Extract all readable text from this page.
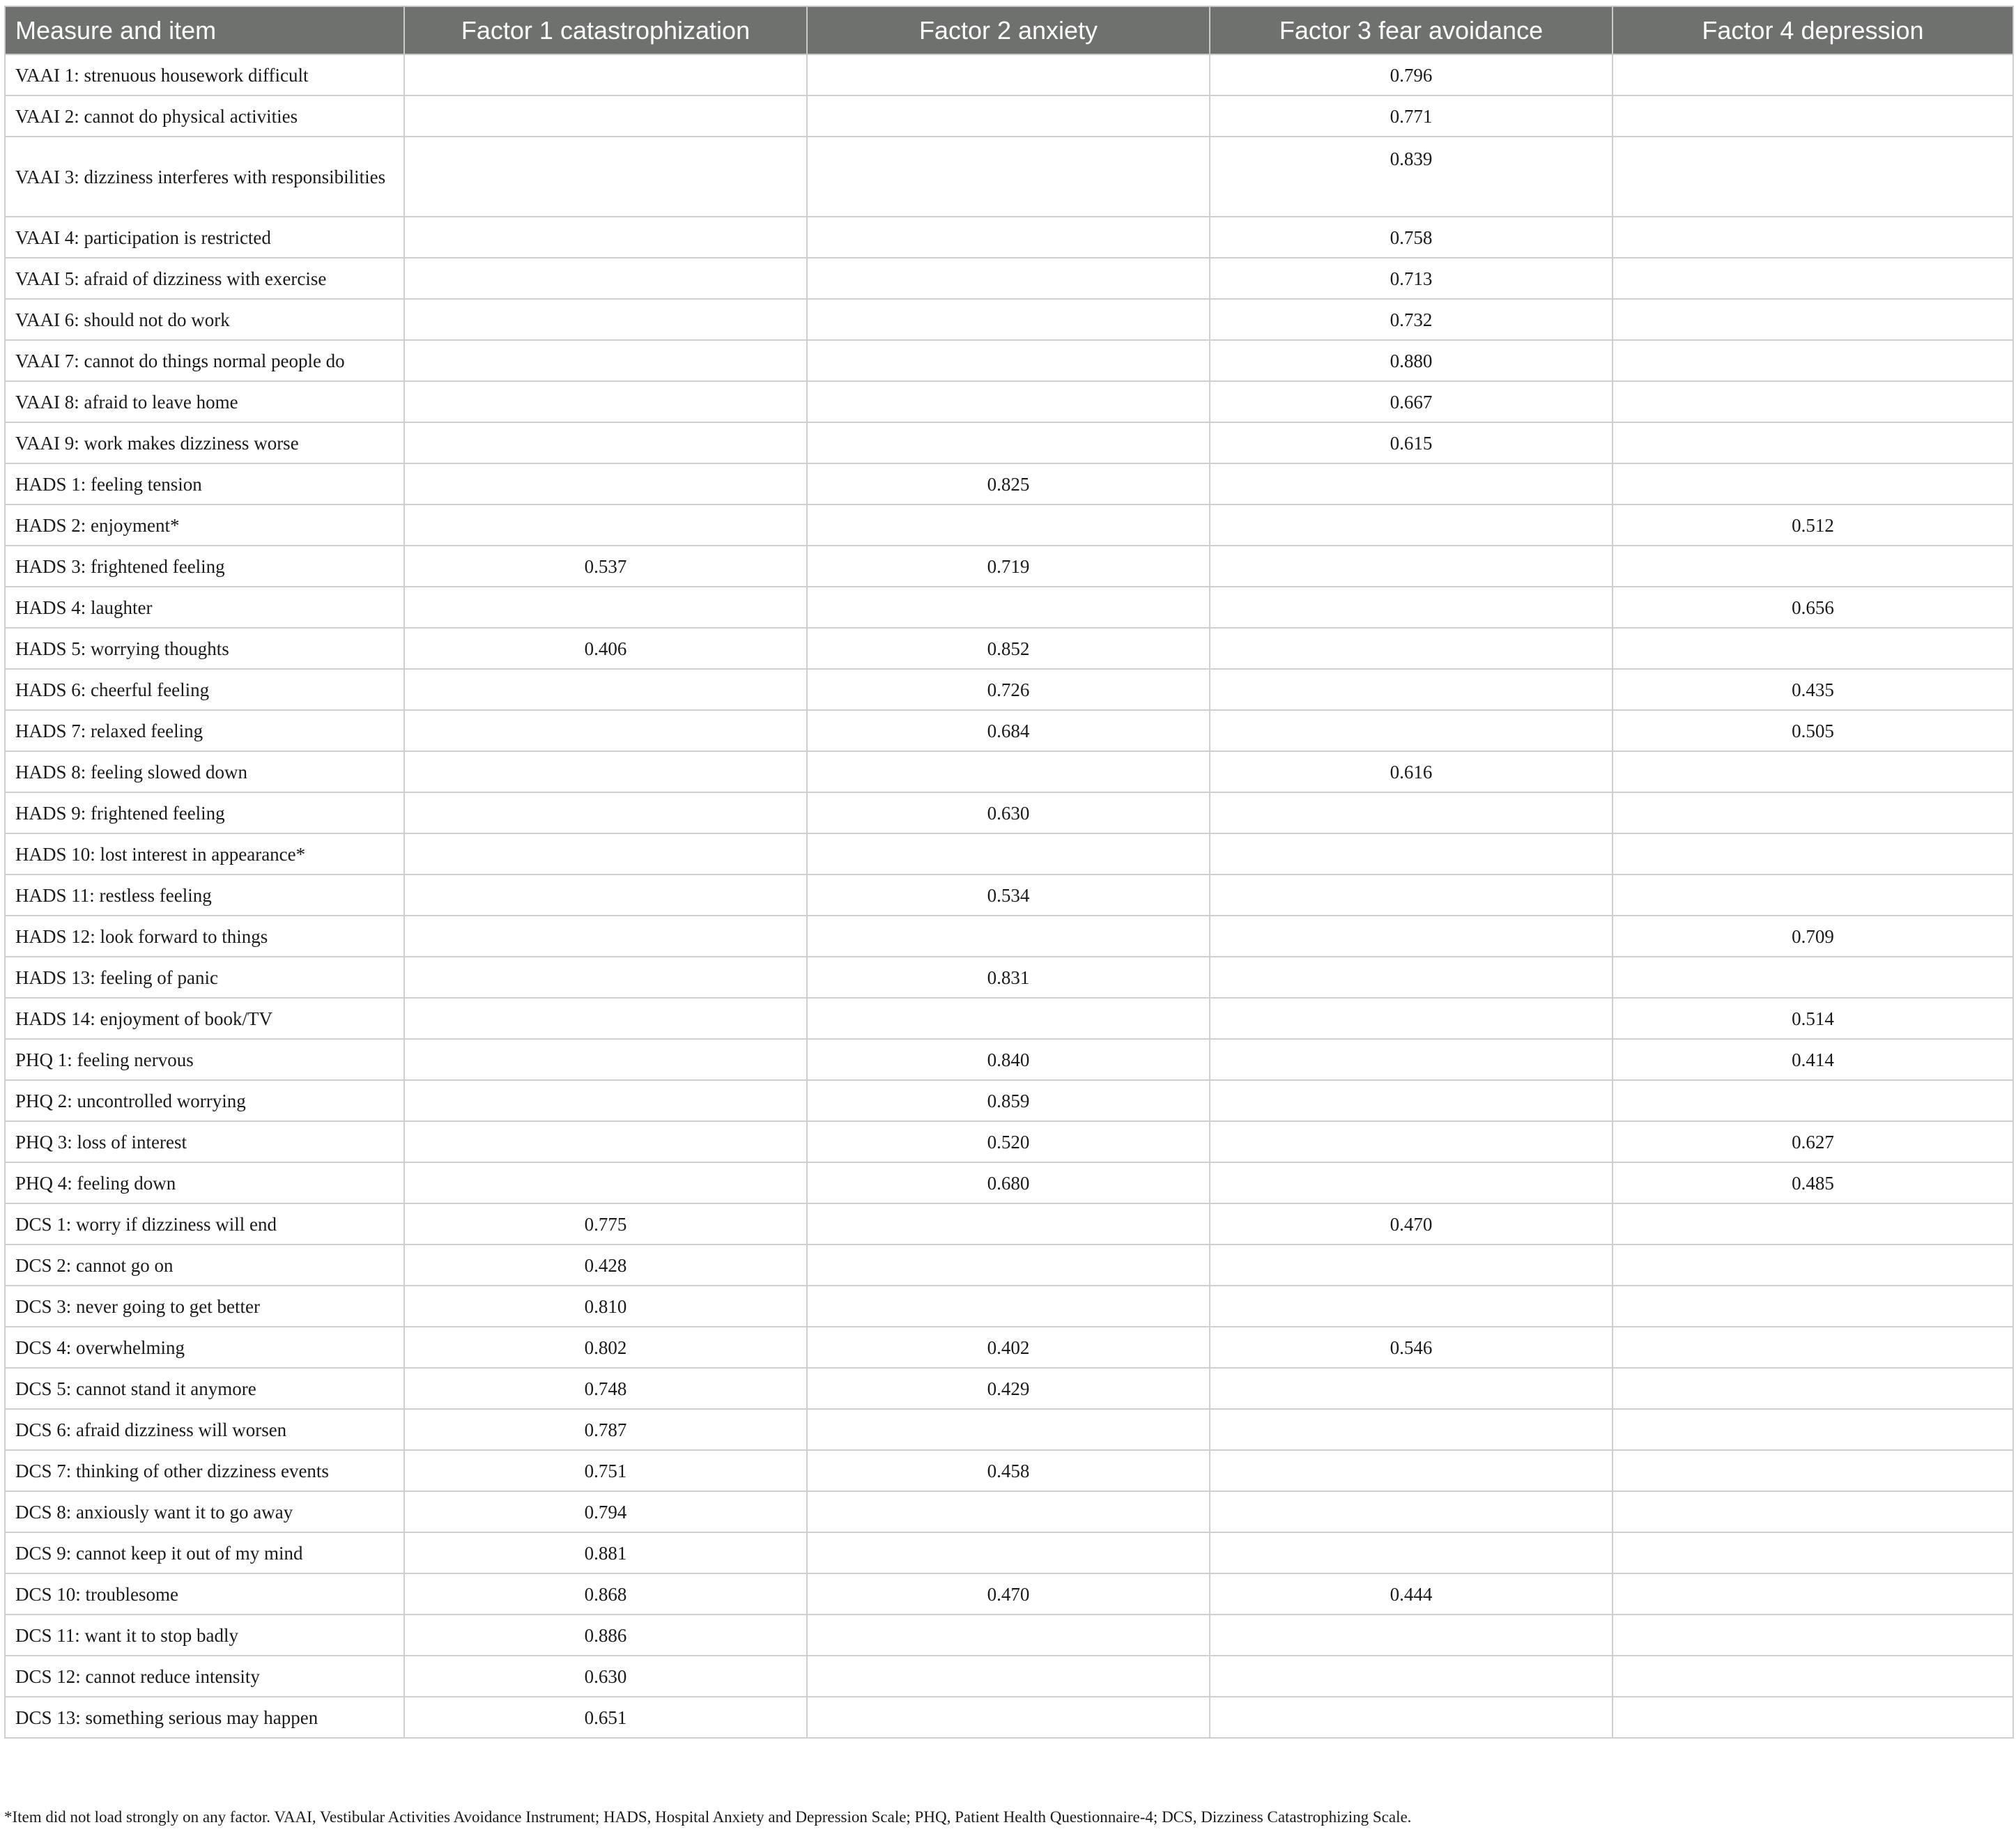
Measure and item	Factor 1 catastrophization	Factor 2 anxiety	Factor 3 fear avoidance	Factor 4 depression
VAAI 1: strenuous housework difficult			0.796	
VAAI 2: cannot do physical activities			0.771	
VAAI 3: dizziness interferes with responsibilities			0.839	
VAAI 4: participation is restricted			0.758	
VAAI 5: afraid of dizziness with exercise			0.713	
VAAI 6: should not do work			0.732	
VAAI 7: cannot do things normal people do			0.880	
VAAI 8: afraid to leave home			0.667	
VAAI 9: work makes dizziness worse			0.615	
HADS 1: feeling tension		0.825		
HADS 2: enjoyment*				0.512
HADS 3: frightened feeling	0.537	0.719		
HADS 4: laughter				0.656
HADS 5: worrying thoughts	0.406	0.852		
HADS 6: cheerful feeling		0.726		0.435
HADS 7: relaxed feeling		0.684		0.505
HADS 8: feeling slowed down			0.616	
HADS 9: frightened feeling		0.630		
HADS 10: lost interest in appearance*				
HADS 11: restless feeling		0.534		
HADS 12: look forward to things				0.709
HADS 13: feeling of panic		0.831		
HADS 14: enjoyment of book/TV				0.514
PHQ 1: feeling nervous		0.840		0.414
PHQ 2: uncontrolled worrying		0.859		
PHQ 3: loss of interest		0.520		0.627
PHQ 4: feeling down		0.680		0.485
DCS 1: worry if dizziness will end	0.775		0.470	
DCS 2: cannot go on	0.428			
DCS 3: never going to get better	0.810			
DCS 4: overwhelming	0.802	0.402	0.546	
DCS 5: cannot stand it anymore	0.748	0.429		
DCS 6: afraid dizziness will worsen	0.787			
DCS 7: thinking of other dizziness events	0.751	0.458		
DCS 8: anxiously want it to go away	0.794			
DCS 9: cannot keep it out of my mind	0.881			
DCS 10: troublesome	0.868	0.470	0.444	
DCS 11: want it to stop badly	0.886			
DCS 12: cannot reduce intensity	0.630			
DCS 13: something serious may happen	0.651			
*Item did not load strongly on any factor. VAAI, Vestibular Activities Avoidance Instrument; HADS, Hospital Anxiety and Depression Scale; PHQ, Patient Health Questionnaire-4; DCS, Dizziness Catastrophizing Scale.
